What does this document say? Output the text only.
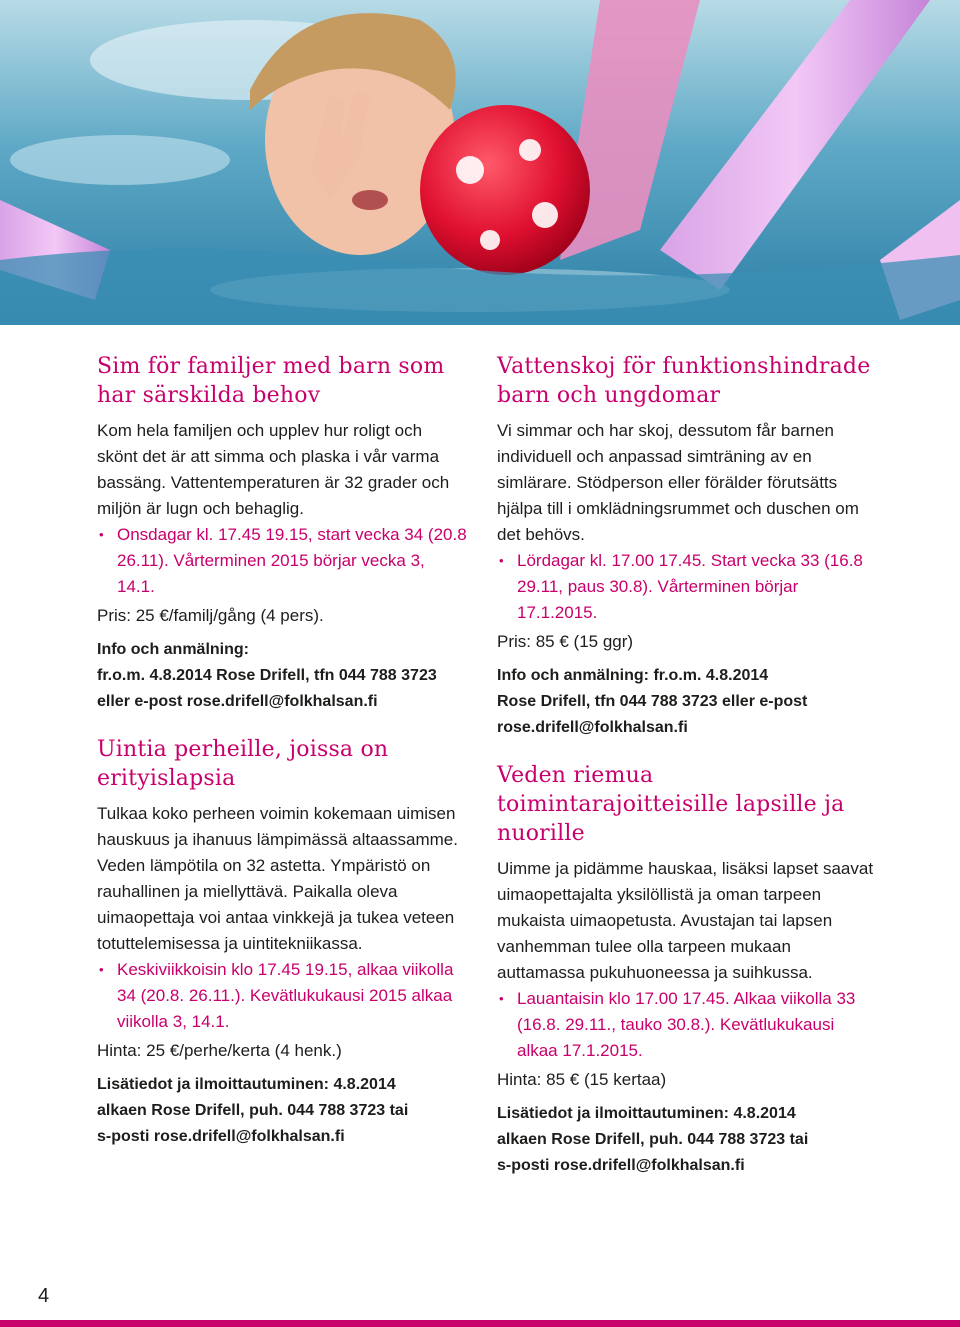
Sim för familjer med barn som har särskilda behov

Kom hela familjen och upplev hur roligt och skönt det är att simma och plaska i vår varma bassäng. Vattentemperaturen är 32 grader och miljön är lugn och behaglig.

• Onsdagar kl. 17.45 19.15, start vecka 34 (20.8 26.11). Vårterminen 2015 börjar vecka 3, 14.1.

Pris: 25 €/familj/gång (4 pers).

Info och anmälning:
fr.o.m. 4.8.2014 Rose Drifell, tfn 044 788 3723
eller e-post rose.drifell@folkhalsan.fi
Uintia perheille, joissa on erityislapsia

Tulkaa koko perheen voimin kokemaan uimisen hauskuus ja ihanuus lämpimässä altaassamme. Veden lämpötila on 32 astetta. Ympäristö on rauhallinen ja miellyttävä. Paikalla oleva uimaopettaja voi antaa vinkkejä ja tukea veteen totuttelemisessa ja uintitekniikassa.

• Keskiviikkoisin klo 17.45 19.15, alkaa viikolla 34 (20.8. 26.11.). Kevätlukukausi 2015 alkaa viikolla 3, 14.1.

Hinta: 25 €/perhe/kerta (4 henk.)

Lisätiedot ja ilmoittautuminen: 4.8.2014
alkaen Rose Drifell, puh. 044 788 3723 tai
s-posti rose.drifell@folkhalsan.fi
Vattenskoj för funktionshindrade barn och ungdomar

Vi simmar och har skoj, dessutom får barnen individuell och anpassad simträning av en simlärare. Stödperson eller förälder förutsätts hjälpa till i omklädningsrummet och duschen om det behövs.

• Lördagar kl. 17.00 17.45. Start vecka 33 (16.8 29.11, paus 30.8). Vårterminen börjar 17.1.2015.

Pris: 85 € (15 ggr)

Info och anmälning: fr.o.m. 4.8.2014
Rose Drifell, tfn 044 788 3723 eller e-post
rose.drifell@folkhalsan.fi
Veden riemua toimintarajoitteisille lapsille ja nuorille

Uimme ja pidämme hauskaa, lisäksi lapset saavat uimaopettajalta yksilöllistä ja oman tarpeen mukaista uimaopetusta. Avustajan tai lapsen vanhemman tulee olla tarpeen mukaan auttamassa pukuhuoneessa ja suihkussa.

• Lauantaisin klo 17.00 17.45. Alkaa viikolla 33 (16.8. 29.11., tauko 30.8.). Kevätlukukausi alkaa 17.1.2015.

Hinta: 85 € (15 kertaa)

Lisätiedot ja ilmoittautuminen: 4.8.2014
alkaen Rose Drifell, puh. 044 788 3723 tai
s-posti rose.drifell@folkhalsan.fi
4
